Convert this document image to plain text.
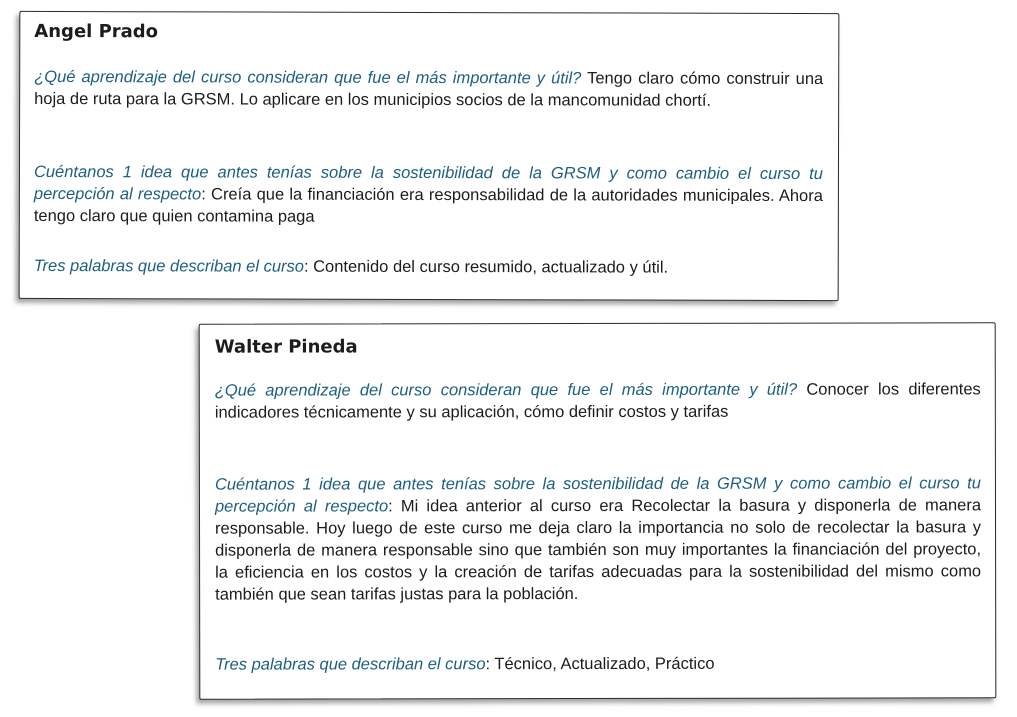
Angel Prado

¿Qué aprendizaje del curso consideran que fue el más importante y útil? Tengo claro cómo construir una hoja de ruta para la GRSM. Lo aplicare en los municipios socios de la mancomunidad chortí.

Cuéntanos 1 idea que antes tenías sobre la sostenibilidad de la GRSM y como cambio el curso tu percepción al respecto: Creía que la financiación era responsabilidad de la autoridades municipales. Ahora tengo claro que quien contamina paga

Tres palabras que describan el curso: Contenido del curso resumido, actualizado y útil.

Walter Pineda

¿Qué aprendizaje del curso consideran que fue el más importante y útil? Conocer los diferentes indicadores técnicamente y su aplicación, cómo definir costos y tarifas

Cuéntanos 1 idea que antes tenías sobre la sostenibilidad de la GRSM y como cambio el curso tu percepción al respecto: Mi idea anterior al curso era Recolectar la basura y disponerla de manera responsable. Hoy luego de este curso me deja claro la importancia no solo de recolectar la basura y disponerla de manera responsable sino que también son muy importantes la financiación del proyecto, la eficiencia en los costos y la creación de tarifas adecuadas para la sostenibilidad del mismo como también que sean tarifas justas para la población.

Tres palabras que describan el curso: Técnico, Actualizado, Práctico
